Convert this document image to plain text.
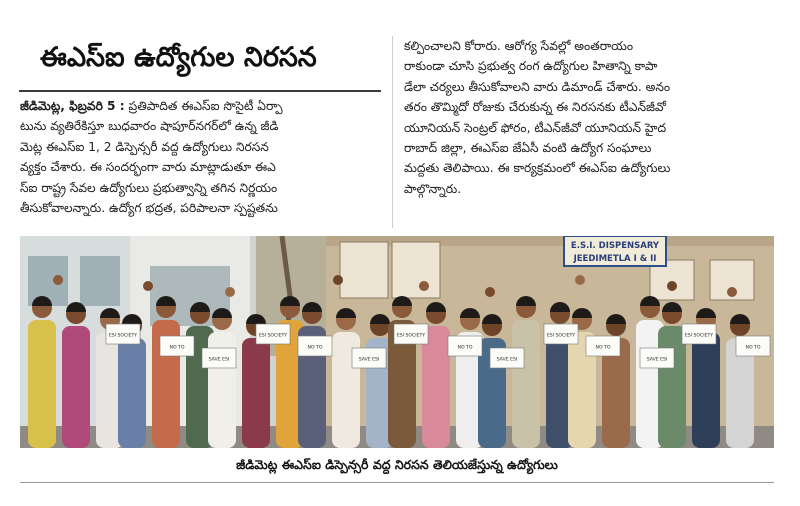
ఈఎస్ఐ ఉద్యోగుల నిరసన

జీడిమెట్ల, ఫిబ్రవరి 5 : ప్రతిపాదిత ఈఎస్ఐ సొసైటీ ఏర్పా

టును వ్యతిరేకిస్తూ బుధవారం షాపూర్‌నగర్‌లో ఉన్న జీడి

మెట్ల ఈఎస్ఐ 1, 2 డిస్పెన్సరీ వద్ద ఉద్యోగులు నిరసన

వ్యక్తం చేశారు. ఈ సందర్భంగా వారు మాట్లాడుతూ ఈఎ

స్ఐ రాష్ట్ర సేవల ఉద్యోగులు ప్రభుత్వాన్ని తగిన నిర్ణయం

తీసుకోవాలన్నారు. ఉద్యోగ భద్రత, పరిపాలనా స్పష్టతను

కల్పించాలని కోరారు. ఆరోగ్య సేవల్లో అంతరాయం

రాకుండా చూసి ప్రభుత్వ రంగ ఉద్యోగుల హితాన్ని కాపా

డేలా చర్యలు తీసుకోవాలని వారు డిమాండ్ చేశారు. అనం

తరం తొమ్మిదో రోజుకు చేరుకున్న ఈ నిరసనకు టీఎన్‌జీవో

యూనియన్ సెంట్రల్ ఫోరం, టీఎన్‌జీవో యూనియన్ హైద

రాబాద్ జిల్లా, ఈఎస్ఐ జేఏసీ వంటి ఉద్యోగ సంఘాలు

మద్దతు తెలిపాయి. ఈ కార్యక్రమంలో ఈఎస్ఐ ఉద్యోగులు

పాల్గొన్నారు.

E.S.I. DISPENSARY
JEEDIMETLA I & II
ESI SOCIETY
NO TO
SAVE ESI
ESI SOCIETY
NO TO
SAVE ESI
ESI SOCIETY
NO TO
SAVE ESI
ESI SOCIETY
NO TO
SAVE ESI
ESI SOCIETY
NO TO
జీడిమెట్ల ఈఎస్ఐ డిస్పెన్సరీ వద్ద నిరసన తెలియజేస్తున్న ఉద్యోగులు
